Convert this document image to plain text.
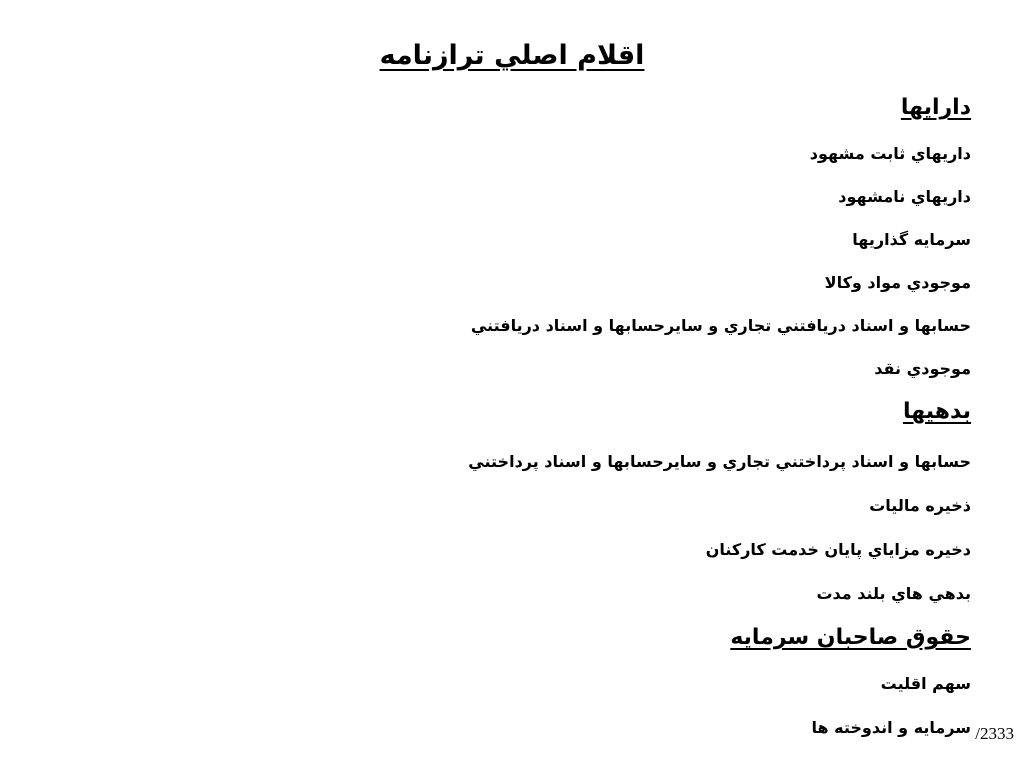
اقلام اصلي ترازنامه

دارايها

داريهاي ثابت مشهود

داريهاي نامشهود

سرمايه گذاريها

موجودي مواد وكالا

حسابها و اسناد دريافتني تجاري و سايرحسابها و اسناد دريافتني

موجودي نقد

بدهيها

حسابها و اسناد پرداختني تجاري و سايرحسابها و اسناد پرداختني

ذخيره ماليات

دخيره مزاياي پايان خدمت كاركنان

بدهي هاي بلند مدت

حقوق صاحبان سرمايه

سهم اقليت

سرمايه و اندوخته ها /2333
